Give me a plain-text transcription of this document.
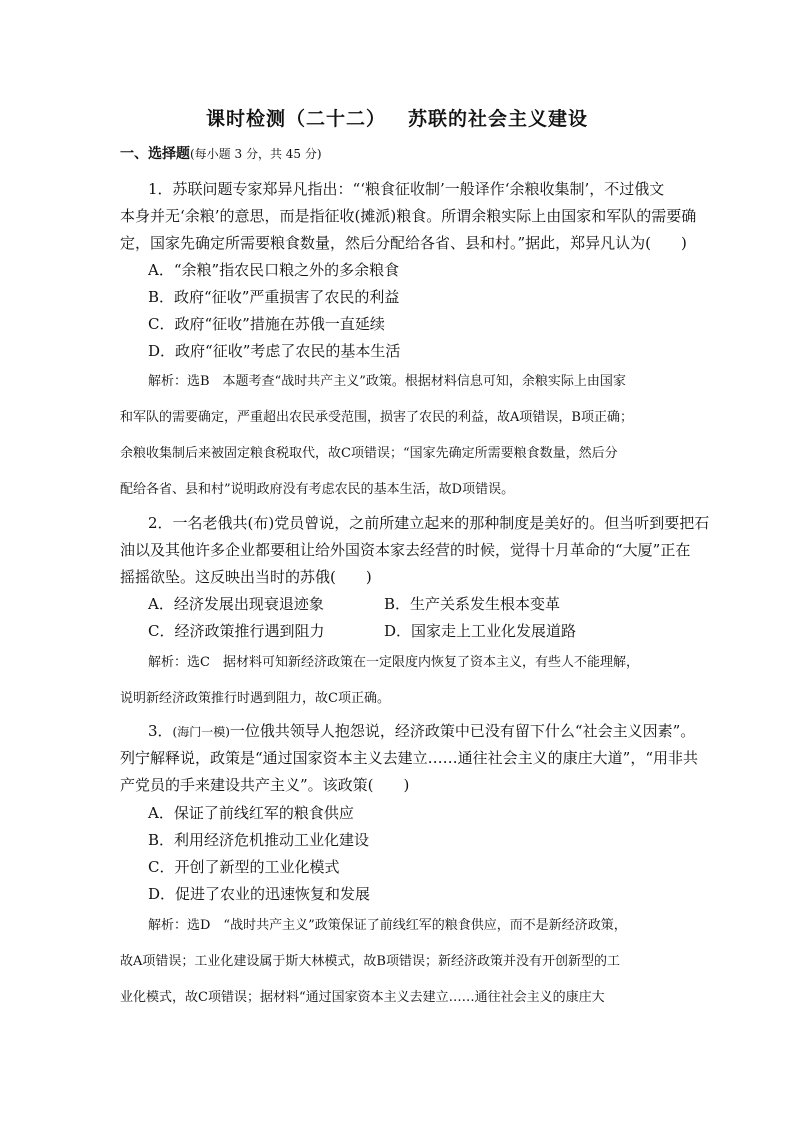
课时检测（二十二） 苏联的社会主义建设
一、选择题(每小题 3 分，共 45 分)
1．苏联问题专家郑异凡指出：“‘粮食征收制’一般译作‘余粮收集制’，不过俄文
本身并无‘余粮’的意思，而是指征收(摊派)粮食。所谓余粮实际上由国家和军队的需要确
定，国家先确定所需要粮食数量，然后分配给各省、县和村。”据此，郑异凡认为(　　)
A．“余粮”指农民口粮之外的多余粮食
B．政府“征收”严重损害了农民的利益
C．政府“征收”措施在苏俄一直延续
D．政府“征收”考虑了农民的基本生活
解析：选B　本题考查“战时共产主义”政策。根据材料信息可知，余粮实际上由国家
和军队的需要确定，严重超出农民承受范围，损害了农民的利益，故A项错误，B项正确；
余粮收集制后来被固定粮食税取代，故C项错误；“国家先确定所需要粮食数量，然后分
配给各省、县和村”说明政府没有考虑农民的基本生活，故D项错误。
2．一名老俄共(布)党员曾说，之前所建立起来的那种制度是美好的。但当听到要把石
油以及其他许多企业都要租让给外国资本家去经营的时候，觉得十月革命的“大厦”正在
摇摇欲坠。这反映出当时的苏俄(　　)
A．经济发展出现衰退迹象	B．生产关系发生根本变革
C．经济政策推行遇到阻力	D．国家走上工业化发展道路
解析：选C　据材料可知新经济政策在一定限度内恢复了资本主义，有些人不能理解，
说明新经济政策推行时遇到阻力，故C项正确。
3．(海门一模)一位俄共领导人抱怨说，经济政策中已没有留下什么“社会主义因素”。
列宁解释说，政策是“通过国家资本主义去建立……通往社会主义的康庄大道”，“用非共
产党员的手来建设共产主义”。该政策(　　)
A．保证了前线红军的粮食供应
B．利用经济危机推动工业化建设
C．开创了新型的工业化模式
D．促进了农业的迅速恢复和发展
解析：选D　“战时共产主义”政策保证了前线红军的粮食供应，而不是新经济政策，
故A项错误；工业化建设属于斯大林模式，故B项错误；新经济政策并没有开创新型的工
业化模式，故C项错误；据材料“通过国家资本主义去建立……通往社会主义的康庄大
